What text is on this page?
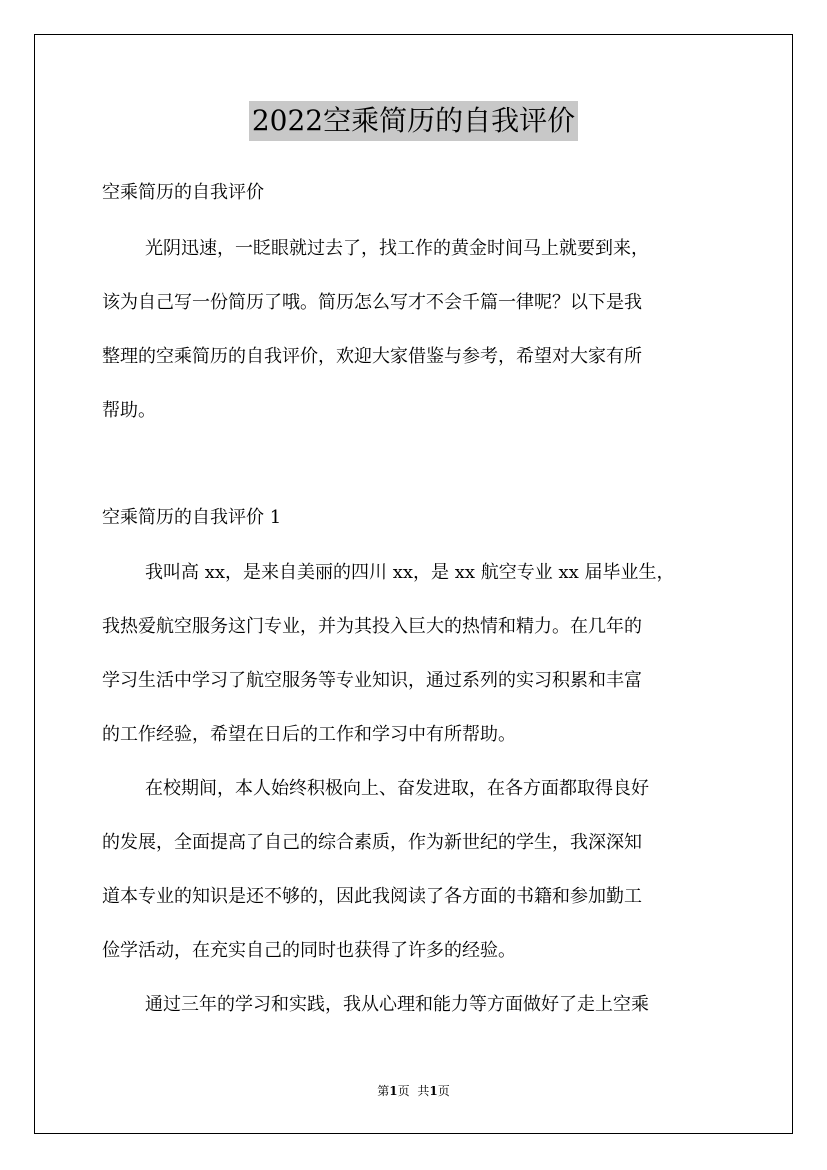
2022空乘简历的自我评价

空乘简历的自我评价

光阴迅速，一眨眼就过去了，找工作的黄金时间马上就要到来，

该为自己写一份简历了哦。简历怎么写才不会千篇一律呢？以下是我

整理的空乘简历的自我评价，欢迎大家借鉴与参考，希望对大家有所

帮助。

空乘简历的自我评价 1

我叫高 xx，是来自美丽的四川 xx，是 xx 航空专业 xx 届毕业生，

我热爱航空服务这门专业，并为其投入巨大的热情和精力。在几年的

学习生活中学习了航空服务等专业知识，通过系列的实习积累和丰富

的工作经验，希望在日后的工作和学习中有所帮助。

在校期间，本人始终积极向上、奋发进取，在各方面都取得良好

的发展，全面提高了自己的综合素质，作为新世纪的学生，我深深知

道本专业的知识是还不够的，因此我阅读了各方面的书籍和参加勤工

俭学活动，在充实自己的同时也获得了许多的经验。

通过三年的学习和实践，我从心理和能力等方面做好了走上空乘

第1页 共1页
